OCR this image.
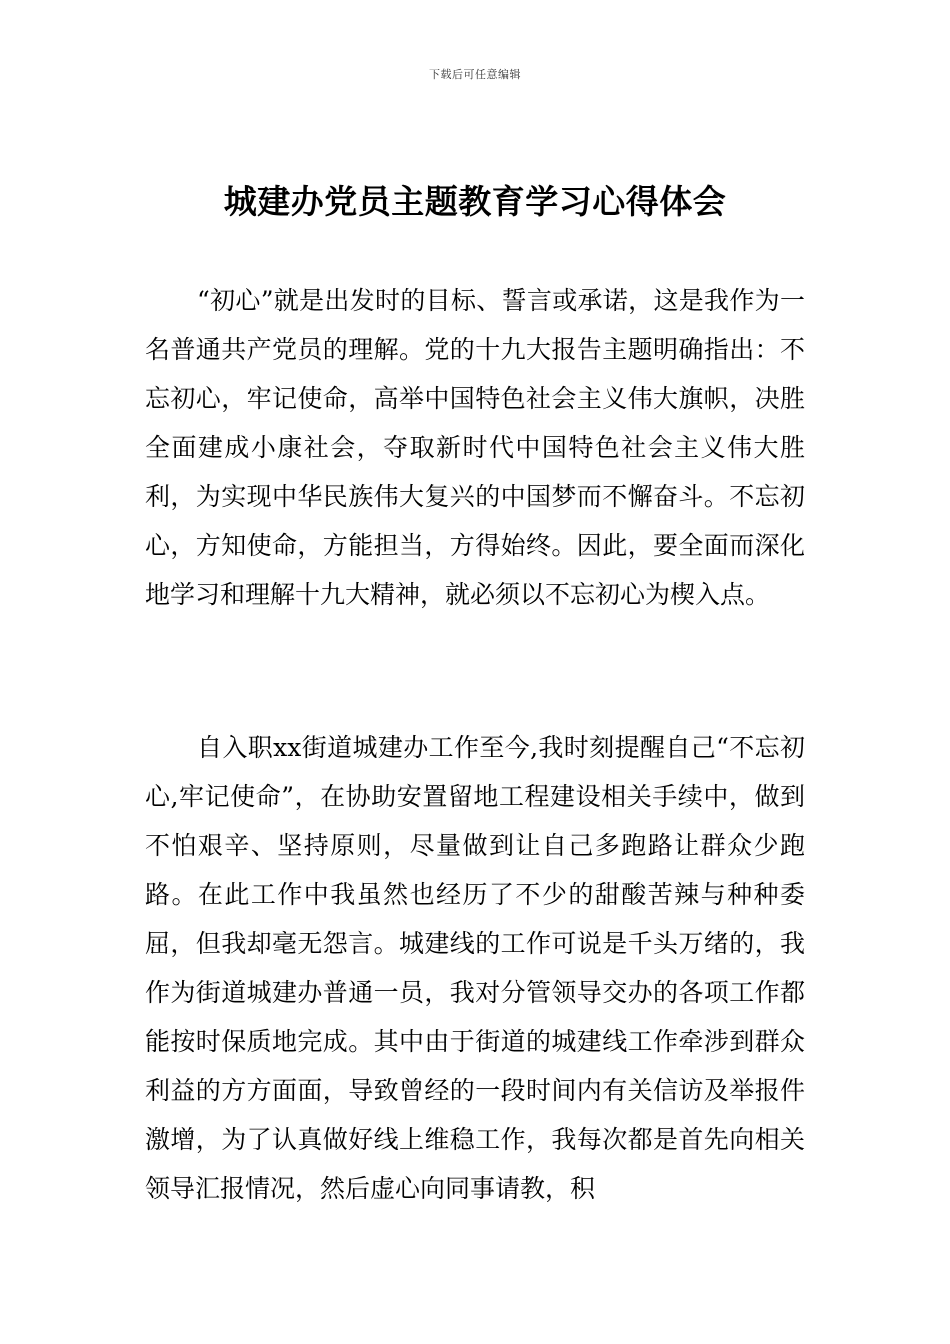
下载后可任意编辑
城建办党员主题教育学习心得体会

“初心”就是出发时的目标、誓言或承诺，这是我作为一名普通共产党员的理解。党的十九大报告主题明确指出：不忘初心，牢记使命，高举中国特色社会主义伟大旗帜，决胜全面建成小康社会，夺取新时代中国特色社会主义伟大胜利，为实现中华民族伟大复兴的中国梦而不懈奋斗。不忘初心，方知使命，方能担当，方得始终。因此，要全面而深化地学习和理解十九大精神，就必须以不忘初心为楔入点。

自入职xx街道城建办工作至今,我时刻提醒自己“不忘初心,牢记使命”，在协助安置留地工程建设相关手续中，做到不怕艰辛、坚持原则，尽量做到让自己多跑路让群众少跑路。在此工作中我虽然也经历了不少的甜酸苦辣与种种委屈，但我却毫无怨言。城建线的工作可说是千头万绪的，我作为街道城建办普通一员，我对分管领导交办的各项工作都能按时保质地完成。其中由于街道的城建线工作牵涉到群众利益的方方面面，导致曾经的一段时间内有关信访及举报件激增，为了认真做好线上维稳工作，我每次都是首先向相关领导汇报情况，然后虚心向同事请教，积
